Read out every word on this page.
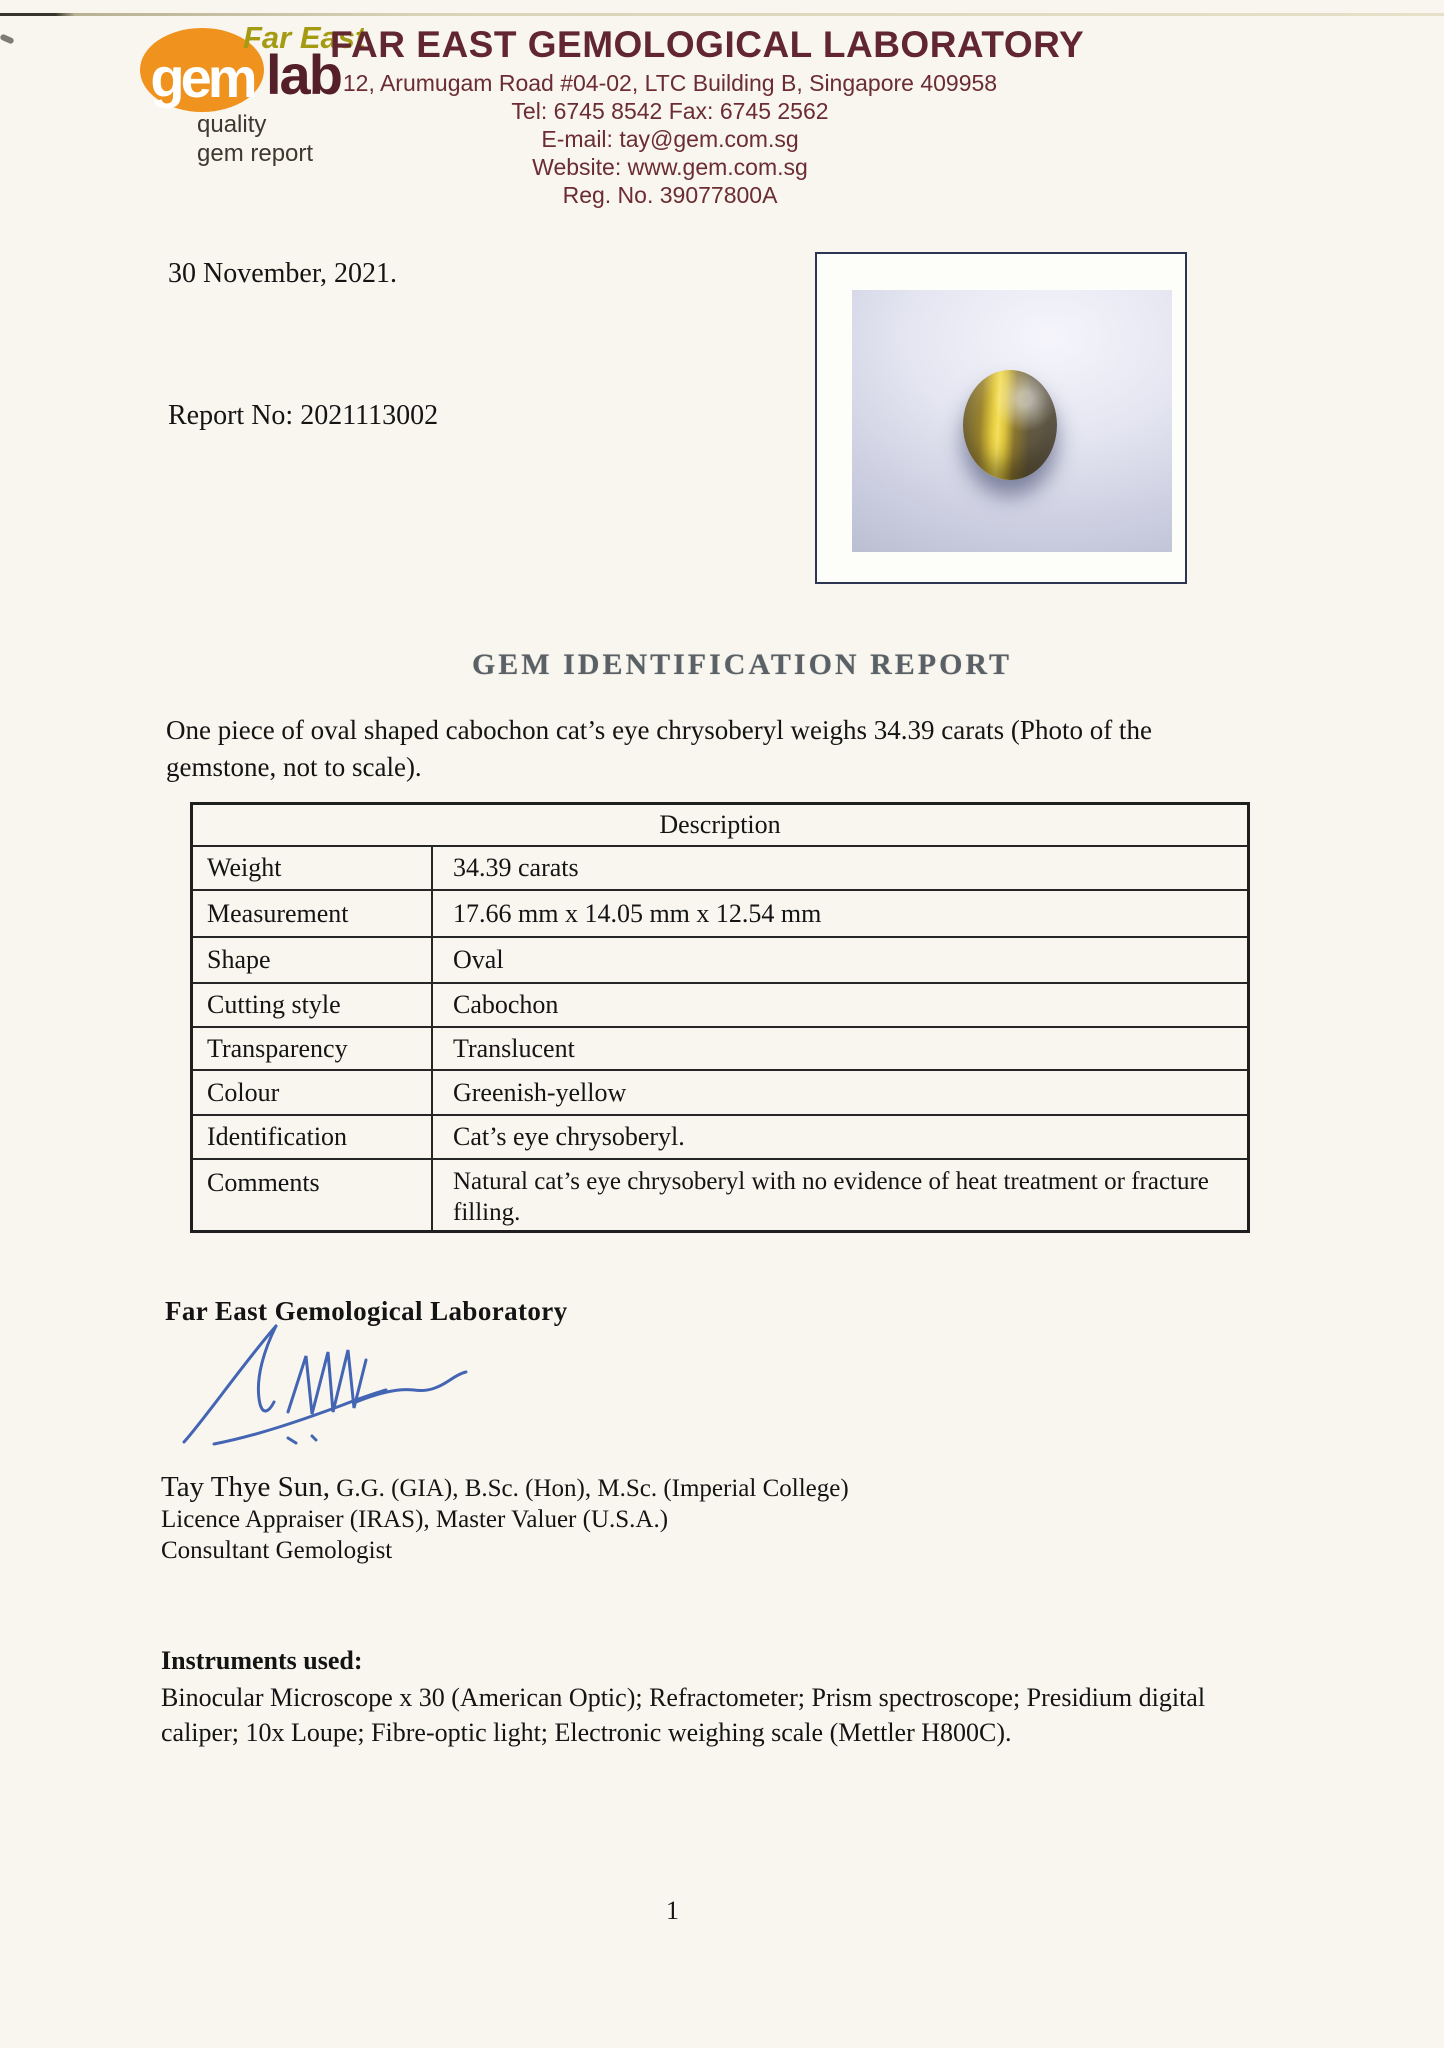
gem
Far East
lab
quality
gem report
FAR EAST GEMOLOGICAL LABORATORY
12, Arumugam Road #04-02, LTC Building B, Singapore 409958
Tel: 6745 8542 Fax: 6745 2562
E-mail: tay@gem.com.sg
Website: www.gem.com.sg
Reg. No. 39077800A
30 November, 2021.
Report No: 2021113002
GEM IDENTIFICATION REPORT
One piece of oval shaped cabochon cat’s eye chrysoberyl weighs 34.39 carats (Photo of the gemstone, not to scale).
Description
Weight	34.39 carats
Measurement	17.66 mm x 14.05 mm x 12.54 mm
Shape	Oval
Cutting style	Cabochon
Transparency	Translucent
Colour	Greenish-yellow
Identification	Cat’s eye chrysoberyl.
Comments	Natural cat’s eye chrysoberyl with no evidence of heat treatment or fracture filling.
Far East Gemological Laboratory
Tay Thye Sun, G.G. (GIA), B.Sc. (Hon), M.Sc. (Imperial College)
Licence Appraiser (IRAS), Master Valuer (U.S.A.)
Consultant Gemologist
Instruments used:
Binocular Microscope x 30 (American Optic); Refractometer; Prism spectroscope; Presidium digital caliper; 10x Loupe; Fibre-optic light; Electronic weighing scale (Mettler H800C).
1
